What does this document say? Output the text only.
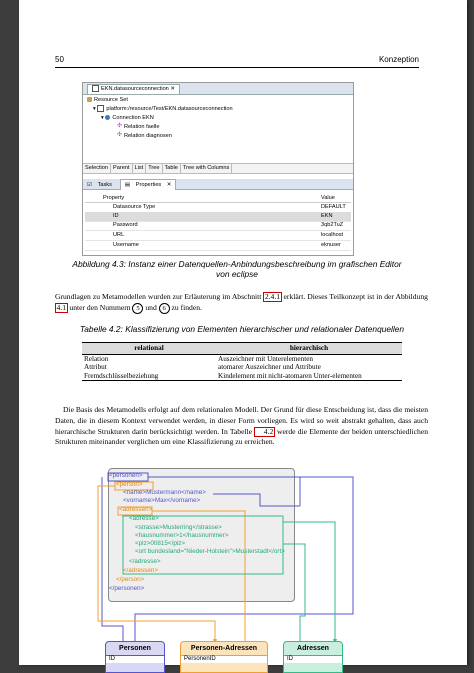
50	Konzeption
EKN.datasourceconnection ✕
Resource Set
▾ platform:/resource/Test/EKN.datasourceconnection
▾ Connection EKN
✣ Relation faelle
✣ Relation diagnosen
Selection Parent List Tree Table Tree with Columns
☑ Tasks ▤ Properties ✕
Property	Value
Datasource Type	DEFAULT
ID	EKN
Password	3qb2TuZ
URL	localhost
Username	eknuser
Abbildung 4.3: Instanz einer Datenquellen-Anbindungsbeschreibung im grafischen Editor
von eclipse
Grundlagen zu Metamodellen wurden zur Erläuterung im Abschnitt 2.4.1 erklärt. Dieses Teilkonzept ist in der Abbildung 4.1 unter den Nummern 5 und 6 zu finden.
Tabelle 4.2: Klassifizierung von Elementen hierarchischer und relationaler Datenquellen
relational	hierarchisch
Relation	Auszeichner mit Unterelementen
Attribut	atomarer Auszeichner und Attribute
Fremdschlüsselbeziehung	Kindelement mit nicht-atomaren Unter-elementen
Die Basis des Metamodells erfolgt auf dem relationalen Modell. Der Grund für diese Entscheidung ist, dass die meisten Daten, die in diesem Kontext verwendet werden, in dieser Form vorliegen. Es wird so weit abstrakt gehalten, dass auch hierarchische Strukturen darin berücksichtigt werden. In Tabelle 4.2 werde die Elemente der beiden unterschiedlichen Strukturen miteinander verglichen um eine Klassifizierung zu erreichen.
<personen>
<person>
<name>Mustermann</name>
<vorname>Max</vorname>
<adressen>
<adresse>
<strasse>Musterring</strasse>
<hausnummer>1</hausnummer>
<plz>00815</plz>
<ort bundesland="Nieder-Holstein">Musterstadt</ort>
</adresse>
</adressen>
</person>
</personen>
Personen
ID
Personen-Adressen
PersonenID
Adressen
ID
